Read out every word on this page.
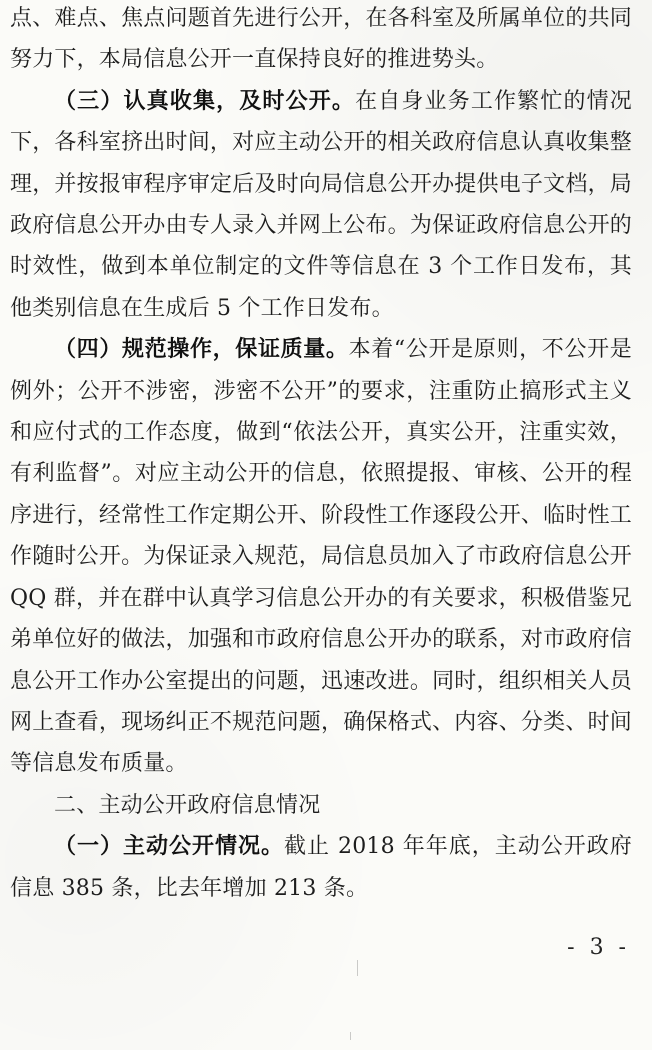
点、难点、焦点问题首先进行公开，在各科室及所属单位的共同努力下，本局信息公开一直保持良好的推进势头。

（三）认真收集，及时公开。在自身业务工作繁忙的情况下，各科室挤出时间，对应主动公开的相关政府信息认真收集整理，并按报审程序审定后及时向局信息公开办提供电子文档，局政府信息公开办由专人录入并网上公布。为保证政府信息公开的时效性，做到本单位制定的文件等信息在 3 个工作日发布，其他类别信息在生成后 5 个工作日发布。

（四）规范操作，保证质量。本着“公开是原则，不公开是例外；公开不涉密，涉密不公开”的要求，注重防止搞形式主义和应付式的工作态度，做到“依法公开，真实公开，注重实效，有利监督”。对应主动公开的信息，依照提报、审核、公开的程序进行，经常性工作定期公开、阶段性工作逐段公开、临时性工作随时公开。为保证录入规范，局信息员加入了市政府信息公开 QQ 群，并在群中认真学习信息公开办的有关要求，积极借鉴兄弟单位好的做法，加强和市政府信息公开办的联系，对市政府信息公开工作办公室提出的问题，迅速改进。同时，组织相关人员网上查看，现场纠正不规范问题，确保格式、内容、分类、时间等信息发布质量。

二、主动公开政府信息情况

（一）主动公开情况。截止 2018 年年底，主动公开政府信息 385 条，比去年增加 213 条。

- 3 -
